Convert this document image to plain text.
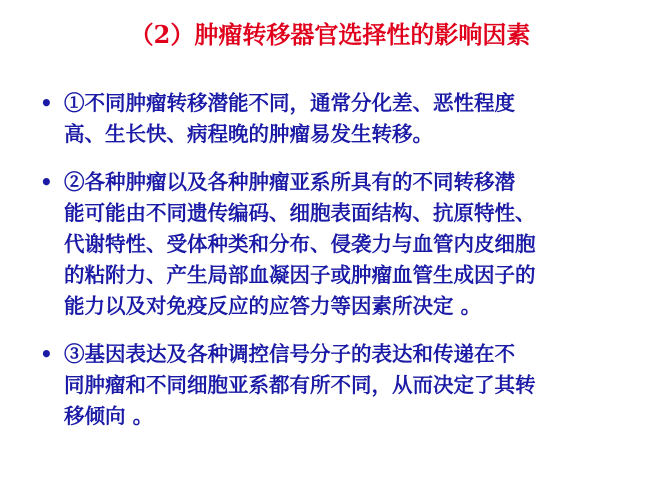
（2）肿瘤转移器官选择性的影响因素
• ①不同肿瘤转移潜能不同，通常分化差、恶性程度
高、生长快、病程晚的肿瘤易发生转移。
• ②各种肿瘤以及各种肿瘤亚系所具有的不同转移潜
能可能由不同遗传编码、细胞表面结构、抗原特性、
代谢特性、受体种类和分布、侵袭力与血管内皮细胞
的粘附力、产生局部血凝因子或肿瘤血管生成因子的
能力以及对免疫反应的应答力等因素所决定 。
• ③基因表达及各种调控信号分子的表达和传递在不
同肿瘤和不同细胞亚系都有所不同，从而决定了其转
移倾向 。
